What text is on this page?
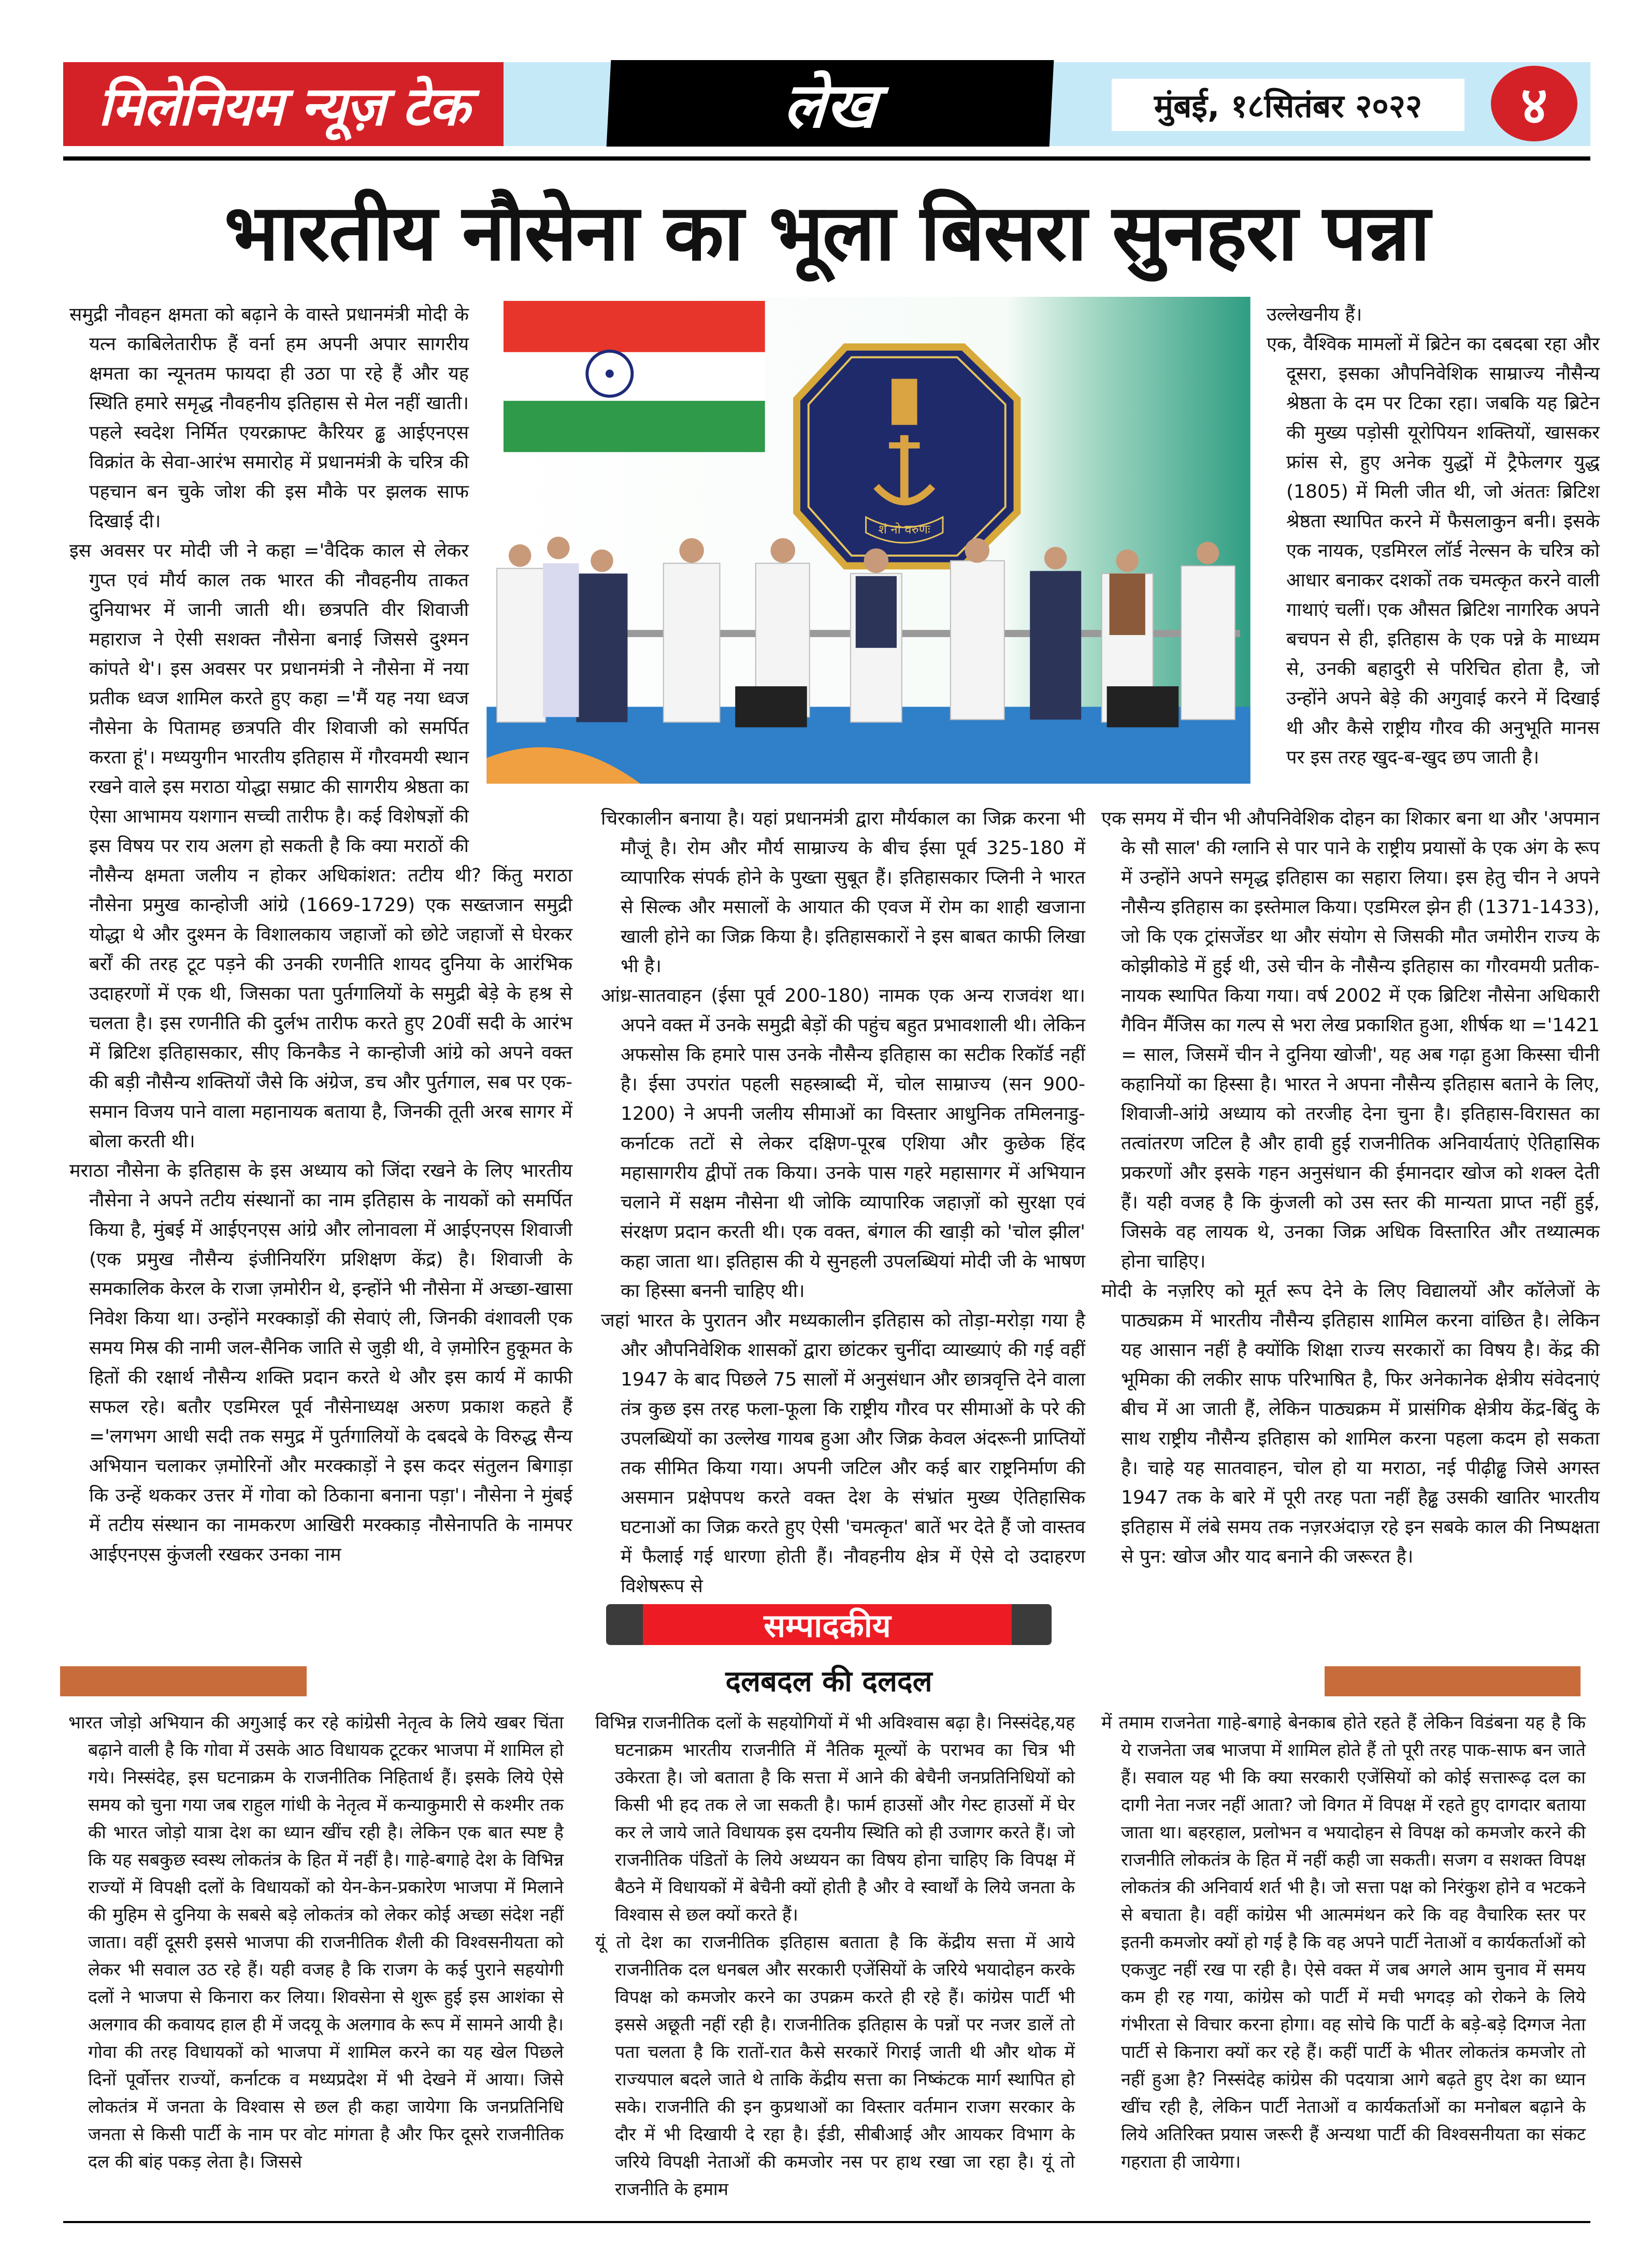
मिलेनियम न्यूज़ टेक	लेख	मुंबई, १८सितंबर २०२२ ४
भारतीय नौसेना का भूला बिसरा सुनहरा पन्ना

समुद्री नौवहन क्षमता को बढ़ाने के वास्ते प्रधानमंत्री मोदी के यत्न काबिलेतारीफ हैं वर्ना हम अपनी अपार सागरीय क्षमता का न्यूनतम फायदा ही उठा पा रहे हैं और यह स्थिति हमारे समृद्ध नौवहनीय इतिहास से मेल नहीं खाती। पहले स्वदेश निर्मित एयरक्राफ्ट कैरियर ढ्ढ आईएनएस विक्रांत के सेवा-आरंभ समारोह में प्रधानमंत्री के चरित्र की पहचान बन चुके जोश की इस मौके पर झलक साफ दिखाई दी।

इस अवसर पर मोदी जी ने कहा ='वैदिक काल से लेकर गुप्त एवं मौर्य काल तक भारत की नौवहनीय ताकत दुनियाभर में जानी जाती थी। छत्रपति वीर शिवाजी महाराज ने ऐसी सशक्त नौसेना बनाई जिससे दुश्मन कांपते थे'। इस अवसर पर प्रधानमंत्री ने नौसेना में नया प्रतीक ध्वज शामिल करते हुए कहा ='मैं यह नया ध्वज नौसेना के पितामह छत्रपति वीर शिवाजी को समर्पित करता हूं'। मध्ययुगीन भारतीय इतिहास में गौरवमयी स्थान रखने वाले इस मराठा योद्धा सम्राट की सागरीय श्रेष्ठता का ऐसा आभामय यशगान सच्ची तारीफ है। कई विशेषज्ञों की इस विषय पर राय अलग हो सकती है कि क्या मराठों की नौसैन्य क्षमता जलीय न होकर अधिकांशत: तटीय थी? किंतु मराठा नौसेना प्रमुख कान्होजी आंग्रे (1669-1729) एक सख्तजान समुद्री योद्धा थे और दुश्मन के विशालकाय जहाजों को छोटे जहाजों से घेरकर बर्रों की तरह टूट पड़ने की उनकी रणनीति शायद दुनिया के आरंभिक उदाहरणों में एक थी, जिसका पता पुर्तगालियों के समुद्री बेड़े के हश्र से चलता है। इस रणनीति की दुर्लभ तारीफ करते हुए 20वीं सदी के आरंभ में ब्रिटिश इतिहासकार, सीए किनकैड ने कान्होजी आंग्रे को अपने वक्त की बड़ी नौसैन्य शक्तियों जैसे कि अंग्रेज, डच और पुर्तगाल, सब पर एक-समान विजय पाने वाला महानायक बताया है, जिनकी तूती अरब सागर में बोला करती थी।

मराठा नौसेना के इतिहास के इस अध्याय को जिंदा रखने के लिए भारतीय नौसेना ने अपने तटीय संस्थानों का नाम इतिहास के नायकों को समर्पित किया है, मुंबई में आईएनएस आंग्रे और लोनावला में आईएनएस शिवाजी (एक प्रमुख नौसैन्य इंजीनियरिंग प्रशिक्षण केंद्र) है। शिवाजी के समकालिक केरल के राजा ज़मोरीन थे, इन्होंने भी नौसेना में अच्छा-खासा निवेश किया था। उन्होंने मरक्काड़ों की सेवाएं ली, जिनकी वंशावली एक समय मिस्र की नामी जल-सैनिक जाति से जुड़ी थी, वे ज़मोरिन हुकूमत के हितों की रक्षार्थ नौसैन्य शक्ति प्रदान करते थे और इस कार्य में काफी सफल रहे। बतौर एडमिरल पूर्व नौसेनाध्यक्ष अरुण प्रकाश कहते हैं ='लगभग आधी सदी तक समुद्र में पुर्तगालियों के दबदबे के विरुद्ध सैन्य अभियान चलाकर ज़मोरिनों और मरक्काड़ों ने इस कदर संतुलन बिगाड़ा कि उन्हें थककर उत्तर में गोवा को ठिकाना बनाना पड़ा'। नौसेना ने मुंबई में तटीय संस्थान का नामकरण आखिरी मरक्काड़ नौसेनापति के नामपर आईएनएस कुंजली रखकर उनका नाम

शं नो वरुणः

चिरकालीन बनाया है। यहां प्रधानमंत्री द्वारा मौर्यकाल का जिक्र करना भी मौजूं है। रोम और मौर्य साम्राज्य के बीच ईसा पूर्व 325-180 में व्यापारिक संपर्क होने के पुख्ता सुबूत हैं। इतिहासकार प्लिनी ने भारत से सिल्क और मसालों के आयात की एवज में रोम का शाही खजाना खाली होने का जिक्र किया है। इतिहासकारों ने इस बाबत काफी लिखा भी है।

आंध्र-सातवाहन (ईसा पूर्व 200-180) नामक एक अन्य राजवंश था। अपने वक्त में उनके समुद्री बेड़ों की पहुंच बहुत प्रभावशाली थी। लेकिन अफसोस कि हमारे पास उनके नौसैन्य इतिहास का सटीक रिकॉर्ड नहीं है। ईसा उपरांत पहली सहस्त्राब्दी में, चोल साम्राज्य (सन 900-1200) ने अपनी जलीय सीमाओं का विस्तार आधुनिक तमिलनाडु-कर्नाटक तटों से लेकर दक्षिण-पूरब एशिया और कुछेक हिंद महासागरीय द्वीपों तक किया। उनके पास गहरे महासागर में अभियान चलाने में सक्षम नौसेना थी जोकि व्यापारिक जहाज़ों को सुरक्षा एवं संरक्षण प्रदान करती थी। एक वक्त, बंगाल की खाड़ी को 'चोल झील' कहा जाता था। इतिहास की ये सुनहली उपलब्धियां मोदी जी के भाषण का हिस्सा बननी चाहिए थी।

जहां भारत के पुरातन और मध्यकालीन इतिहास को तोड़ा-मरोड़ा गया है और औपनिवेशिक शासकों द्वारा छांटकर चुनींदा व्याख्याएं की गई वहीं 1947 के बाद पिछले 75 सालों में अनुसंधान और छात्रवृत्ति देने वाला तंत्र कुछ इस तरह फला-फूला कि राष्ट्रीय गौरव पर सीमाओं के परे की उपलब्धियों का उल्लेख गायब हुआ और जिक्र केवल अंदरूनी प्राप्तियों तक सीमित किया गया। अपनी जटिल और कई बार राष्ट्रनिर्माण की असमान प्रक्षेपपथ करते वक्त देश के संभ्रांत मुख्य ऐतिहासिक घटनाओं का जिक्र करते हुए ऐसी 'चमत्कृत' बातें भर देते हैं जो वास्तव में फैलाई गई धारणा होती हैं। नौवहनीय क्षेत्र में ऐसे दो उदाहरण विशेषरूप से

उल्लेखनीय हैं।

एक, वैश्विक मामलों में ब्रिटेन का दबदबा रहा और दूसरा, इसका औपनिवेशिक साम्राज्य नौसैन्य श्रेष्ठता के दम पर टिका रहा। जबकि यह ब्रिटेन की मुख्य पड़ोसी यूरोपियन शक्तियों, खासकर फ्रांस से, हुए अनेक युद्धों में ट्रैफेलगर युद्ध (1805) में मिली जीत थी, जो अंततः ब्रिटिश श्रेष्ठता स्थापित करने में फैसलाकुन बनी। इसके एक नायक, एडमिरल लॉर्ड नेल्सन के चरित्र को आधार बनाकर दशकों तक चमत्कृत करने वाली गाथाएं चलीं। एक औसत ब्रिटिश नागरिक अपने बचपन से ही, इतिहास के एक पन्ने के माध्यम से, उनकी बहादुरी से परिचित होता है, जो उन्होंने अपने बेड़े की अगुवाई करने में दिखाई थी और कैसे राष्ट्रीय गौरव की अनुभूति मानस पर इस तरह खुद-ब-खुद छप जाती है।

एक समय में चीन भी औपनिवेशिक दोहन का शिकार बना था और 'अपमान के सौ साल' की ग्लानि से पार पाने के राष्ट्रीय प्रयासों के एक अंग के रूप में उन्होंने अपने समृद्ध इतिहास का सहारा लिया। इस हेतु चीन ने अपने नौसैन्य इतिहास का इस्तेमाल किया। एडमिरल झेन ही (1371-1433), जो कि एक ट्रांसजेंडर था और संयोग से जिसकी मौत जमोरीन राज्य के कोझीकोडे में हुई थी, उसे चीन के नौसैन्य इतिहास का गौरवमयी प्रतीक-नायक स्थापित किया गया। वर्ष 2002 में एक ब्रिटिश नौसेना अधिकारी गैविन मैंजिस का गल्प से भरा लेख प्रकाशित हुआ, शीर्षक था ='1421 = साल, जिसमें चीन ने दुनिया खोजी', यह अब गढ़ा हुआ किस्सा चीनी कहानियों का हिस्सा है। भारत ने अपना नौसैन्य इतिहास बताने के लिए, शिवाजी-आंग्रे अध्याय को तरजीह देना चुना है। इतिहास-विरासत का तत्वांतरण जटिल है और हावी हुई राजनीतिक अनिवार्यताएं ऐतिहासिक प्रकरणों और इसके गहन अनुसंधान की ईमानदार खोज को शक्ल देती हैं। यही वजह है कि कुंजली को उस स्तर की मान्यता प्राप्त नहीं हुई, जिसके वह लायक थे, उनका जिक्र अधिक विस्तारित और तथ्यात्मक होना चाहिए।

मोदी के नज़रिए को मूर्त रूप देने के लिए विद्यालयों और कॉलेजों के पाठ्यक्रम में भारतीय नौसैन्य इतिहास शामिल करना वांछित है। लेकिन यह आसान नहीं है क्योंकि शिक्षा राज्य सरकारों का विषय है। केंद्र की भूमिका की लकीर साफ परिभाषित है, फिर अनेकानेक क्षेत्रीय संवेदनाएं बीच में आ जाती हैं, लेकिन पाठ्यक्रम में प्रासंगिक क्षेत्रीय केंद्र-बिंदु के साथ राष्ट्रीय नौसैन्य इतिहास को शामिल करना पहला कदम हो सकता है। चाहे यह सातवाहन, चोल हो या मराठा, नई पीढ़ीढ्ढ जिसे अगस्त 1947 तक के बारे में पूरी तरह पता नहीं हैढ्ढ उसकी खातिर भारतीय इतिहास में लंबे समय तक नज़रअंदाज़ रहे इन सबके काल की निष्पक्षता से पुन: खोज और याद बनाने की जरूरत है।

सम्पादकीय
दलबदल की दलदल

भारत जोड़ो अभियान की अगुआई कर रहे कांग्रेसी नेतृत्व के लिये खबर चिंता बढ़ाने वाली है कि गोवा में उसके आठ विधायक टूटकर भाजपा में शामिल हो गये। निस्संदेह, इस घटनाक्रम के राजनीतिक निहितार्थ हैं। इसके लिये ऐसे समय को चुना गया जब राहुल गांधी के नेतृत्व में कन्याकुमारी से कश्मीर तक की भारत जोड़ो यात्रा देश का ध्यान खींच रही है। लेकिन एक बात स्पष्ट है कि यह सबकुछ स्वस्थ लोकतंत्र के हित में नहीं है। गाहे-बगाहे देश के विभिन्न राज्यों में विपक्षी दलों के विधायकों को येन-केन-प्रकारेण भाजपा में मिलाने की मुहिम से दुनिया के सबसे बड़े लोकतंत्र को लेकर कोई अच्छा संदेश नहीं जाता। वहीं दूसरी इससे भाजपा की राजनीतिक शैली की विश्वसनीयता को लेकर भी सवाल उठ रहे हैं। यही वजह है कि राजग के कई पुराने सहयोगी दलों ने भाजपा से किनारा कर लिया। शिवसेना से शुरू हुई इस आशंका से अलगाव की कवायद हाल ही में जदयू के अलगाव के रूप में सामने आयी है। गोवा की तरह विधायकों को भाजपा में शामिल करने का यह खेल पिछले दिनों पूर्वोत्तर राज्यों, कर्नाटक व मध्यप्रदेश में भी देखने में आया। जिसे लोकतंत्र में जनता के विश्वास से छल ही कहा जायेगा कि जनप्रतिनिधि जनता से किसी पार्टी के नाम पर वोट मांगता है और फिर दूसरे राजनीतिक दल की बांह पकड़ लेता है। जिससे

विभिन्न राजनीतिक दलों के सहयोगियों में भी अविश्वास बढ़ा है। निस्संदेह,यह घटनाक्रम भारतीय राजनीति में नैतिक मूल्यों के पराभव का चित्र भी उकेरता है। जो बताता है कि सत्ता में आने की बेचैनी जनप्रतिनिधियों को किसी भी हद तक ले जा सकती है। फार्म हाउसों और गेस्ट हाउसों में घेर कर ले जाये जाते विधायक इस दयनीय स्थिति को ही उजागर करते हैं। जो राजनीतिक पंडितों के लिये अध्ययन का विषय होना चाहिए कि विपक्ष में बैठने में विधायकों में बेचैनी क्यों होती है और वे स्वार्थों के लिये जनता के विश्वास से छल क्यों करते हैं।

यूं तो देश का राजनीतिक इतिहास बताता है कि केंद्रीय सत्ता में आये राजनीतिक दल धनबल और सरकारी एजेंसियों के जरिये भयादोहन करके विपक्ष को कमजोर करने का उपक्रम करते ही रहे हैं। कांग्रेस पार्टी भी इससे अछूती नहीं रही है। राजनीतिक इतिहास के पन्नों पर नजर डालें तो पता चलता है कि रातों-रात कैसे सरकारें गिराई जाती थी और थोक में राज्यपाल बदले जाते थे ताकि केंद्रीय सत्ता का निष्कंटक मार्ग स्थापित हो सके। राजनीति की इन कुप्रथाओं का विस्तार वर्तमान राजग सरकार के दौर में भी दिखायी दे रहा है। ईडी, सीबीआई और आयकर विभाग के जरिये विपक्षी नेताओं की कमजोर नस पर हाथ रखा जा रहा है। यूं तो राजनीति के हमाम

में तमाम राजनेता गाहे-बगाहे बेनकाब होते रहते हैं लेकिन विडंबना यह है कि ये राजनेता जब भाजपा में शामिल होते हैं तो पूरी तरह पाक-साफ बन जाते हैं। सवाल यह भी कि क्या सरकारी एजेंसियों को कोई सत्तारूढ़ दल का दागी नेता नजर नहीं आता? जो विगत में विपक्ष में रहते हुए दागदार बताया जाता था। बहरहाल, प्रलोभन व भयादोहन से विपक्ष को कमजोर करने की राजनीति लोकतंत्र के हित में नहीं कही जा सकती। सजग व सशक्त विपक्ष लोकतंत्र की अनिवार्य शर्त भी है। जो सत्ता पक्ष को निरंकुश होने व भटकने से बचाता है। वहीं कांग्रेस भी आत्ममंथन करे कि वह वैचारिक स्तर पर इतनी कमजोर क्यों हो गई है कि वह अपने पार्टी नेताओं व कार्यकर्ताओं को एकजुट नहीं रख पा रही है। ऐसे वक्त में जब अगले आम चुनाव में समय कम ही रह गया, कांग्रेस को पार्टी में मची भगदड़ को रोकने के लिये गंभीरता से विचार करना होगा। वह सोचे कि पार्टी के बड़े-बड़े दिग्गज नेता पार्टी से किनारा क्यों कर रहे हैं। कहीं पार्टी के भीतर लोकतंत्र कमजोर तो नहीं हुआ है? निस्संदेह कांग्रेस की पदयात्रा आगे बढ़ते हुए देश का ध्यान खींच रही है, लेकिन पार्टी नेताओं व कार्यकर्ताओं का मनोबल बढ़ाने के लिये अतिरिक्त प्रयास जरूरी हैं अन्यथा पार्टी की विश्वसनीयता का संकट गहराता ही जायेगा।
